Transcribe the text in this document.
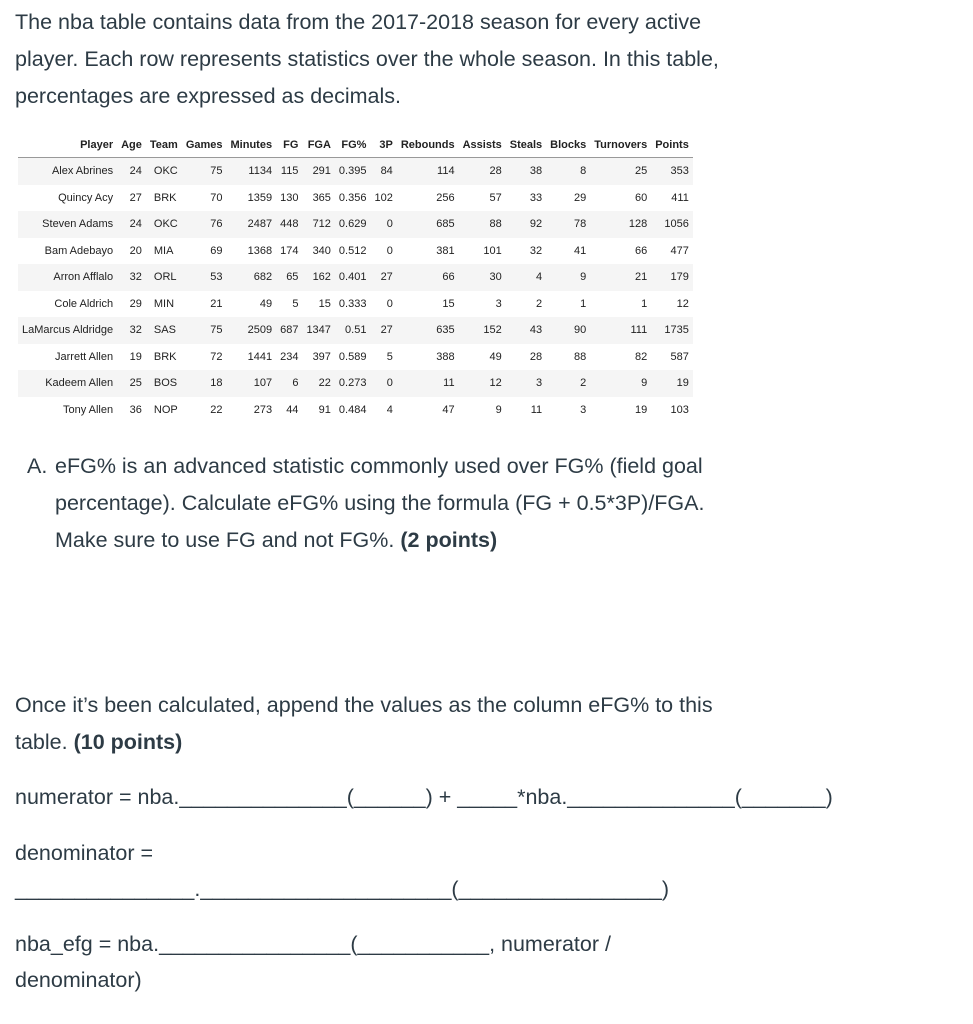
The nba table contains data from the 2017-2018 season for every active
player. Each row represents statistics over the whole season. In this table,
percentages are expressed as decimals.

Player	Age	Team	Games	Minutes	FG	FGA	FG%	3P	Rebounds	Assists	Steals	Blocks	Turnovers	Points
Alex Abrines	24	OKC	75	1134	115	291	0.395	84	114	28	38	8	25	353
Quincy Acy	27	BRK	70	1359	130	365	0.356	102	256	57	33	29	60	411
Steven Adams	24	OKC	76	2487	448	712	0.629	0	685	88	92	78	128	1056
Bam Adebayo	20	MIA	69	1368	174	340	0.512	0	381	101	32	41	66	477
Arron Afflalo	32	ORL	53	682	65	162	0.401	27	66	30	4	9	21	179
Cole Aldrich	29	MIN	21	49	5	15	0.333	0	15	3	2	1	1	12
LaMarcus Aldridge	32	SAS	75	2509	687	1347	0.51	27	635	152	43	90	111	1735
Jarrett Allen	19	BRK	72	1441	234	397	0.589	5	388	49	28	88	82	587
Kadeem Allen	25	BOS	18	107	6	22	0.273	0	11	12	3	2	9	19
Tony Allen	36	NOP	22	273	44	91	0.484	4	47	9	11	3	19	103

A. eFG% is an advanced statistic commonly used over FG% (field goal
percentage). Calculate eFG% using the formula (FG + 0.5*3P)/FGA.
Make sure to use FG and not FG%. (2 points)

Once it’s been calculated, append the values as the column eFG% to this
table. (10 points)

numerator = nba.______________(______) + _____*nba.______________(_______)

denominator =

_______________._____________________(_________________)

nba_efg = nba.________________(___________, numerator /

denominator)
